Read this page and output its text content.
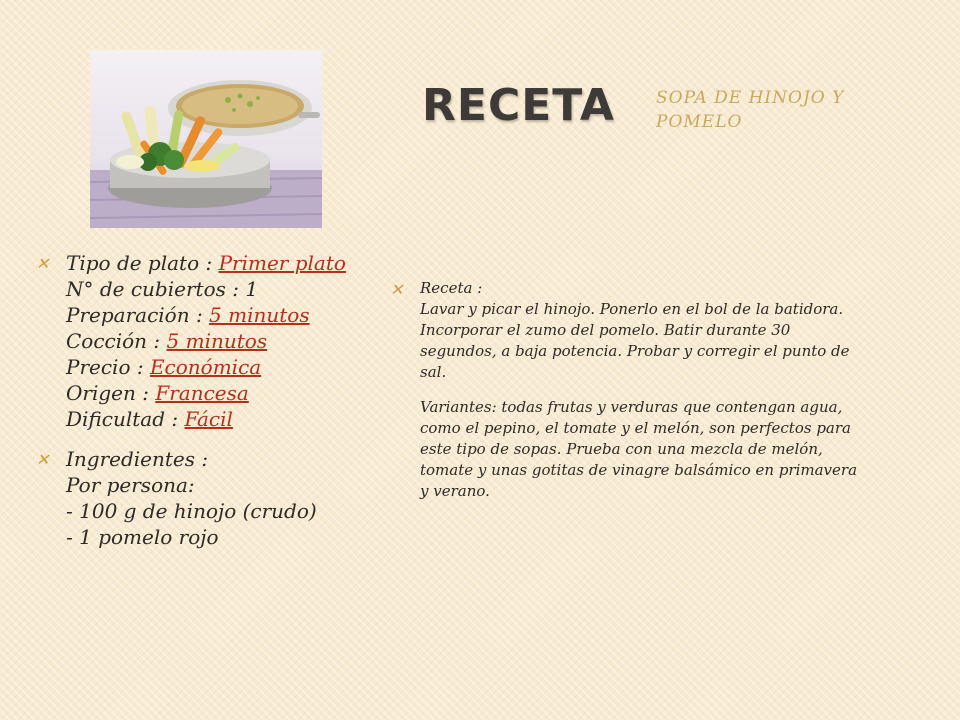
RECETA SOPA DE HINOJO Y POMELO
✕ Tipo de plato : Primer plato
N° de cubiertos : 1
Preparación : 5 minutos
Cocción : 5 minutos
Precio : Económica
Origen : Francesa
Dificultad : Fácil
✕ Ingredientes :
Por persona:
- 100 g de hinojo (crudo)
- 1 pomelo rojo
✕ Receta :
Lavar y picar el hinojo. Ponerlo en el bol de la batidora. Incorporar el zumo del pomelo. Batir durante 30 segundos, a baja potencia. Probar y corregir el punto de sal.
Variantes: todas frutas y verduras que contengan agua, como el pepino, el tomate y el melón, son perfectos para este tipo de sopas. Prueba con una mezcla de melón, tomate y unas gotitas de vinagre balsámico en primavera y verano.
